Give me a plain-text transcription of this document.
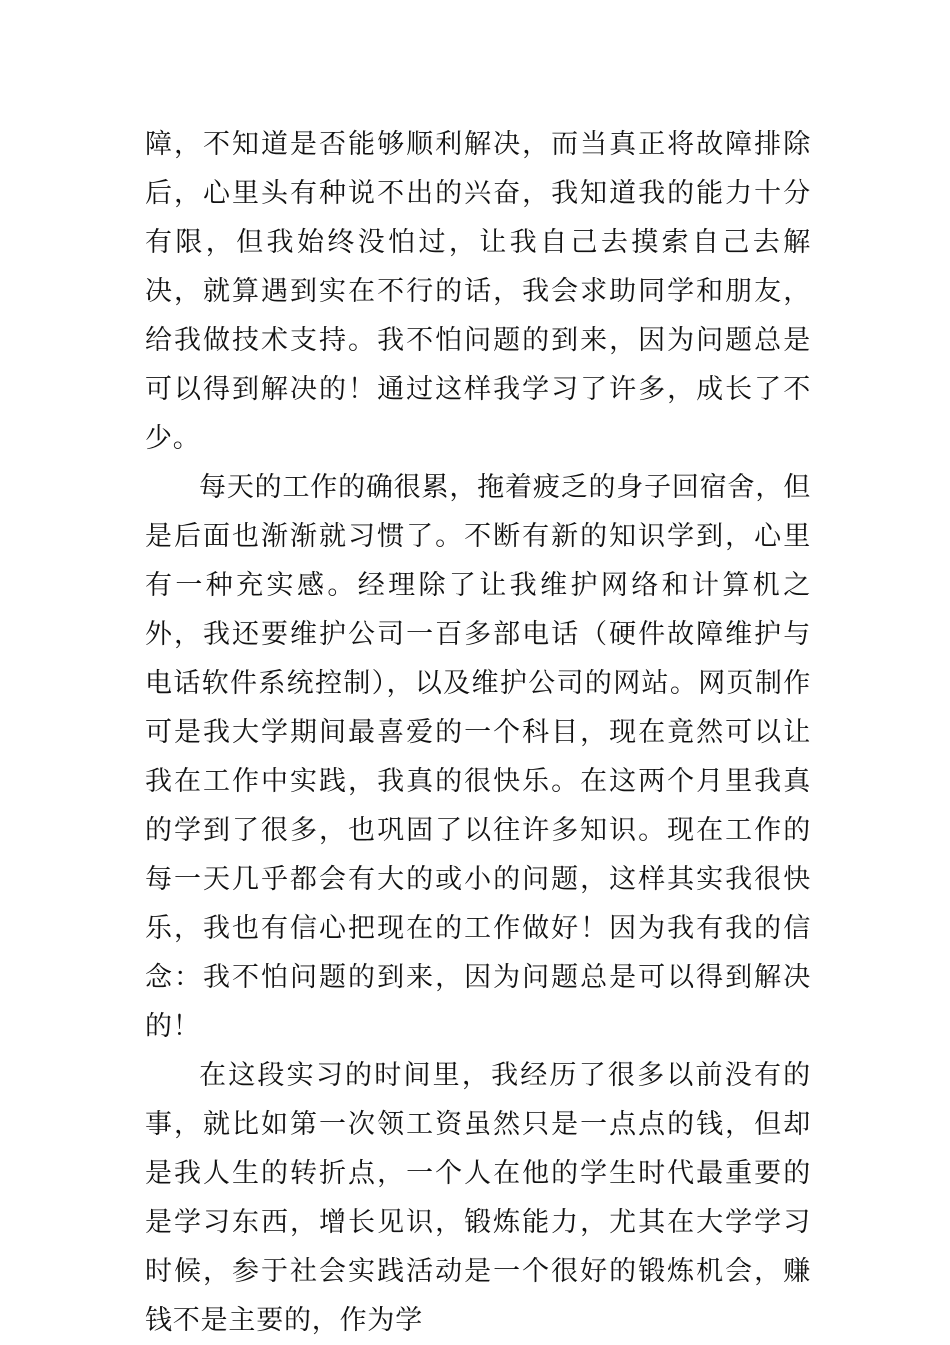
障，不知道是否能够顺利解决，而当真正将故障排除后，心里头有种说不出的兴奋，我知道我的能力十分有限，但我始终没怕过，让我自己去摸索自己去解决，就算遇到实在不行的话，我会求助同学和朋友，给我做技术支持。我不怕问题的到来，因为问题总是可以得到解决的！通过这样我学习了许多，成长了不少。

每天的工作的确很累，拖着疲乏的身子回宿舍，但是后面也渐渐就习惯了。不断有新的知识学到，心里有一种充实感。经理除了让我维护网络和计算机之外，我还要维护公司一百多部电话（硬件故障维护与电话软件系统控制），以及维护公司的网站。网页制作可是我大学期间最喜爱的一个科目，现在竟然可以让我在工作中实践，我真的很快乐。在这两个月里我真的学到了很多，也巩固了以往许多知识。现在工作的每一天几乎都会有大的或小的问题，这样其实我很快乐，我也有信心把现在的工作做好！因为我有我的信念：我不怕问题的到来，因为问题总是可以得到解决的！

在这段实习的时间里，我经历了很多以前没有的事，就比如第一次领工资虽然只是一点点的钱，但却是我人生的转折点，一个人在他的学生时代最重要的是学习东西，增长见识，锻炼能力，尤其在大学学习时候，参于社会实践活动是一个很好的锻炼机会，赚钱不是主要的，作为学
